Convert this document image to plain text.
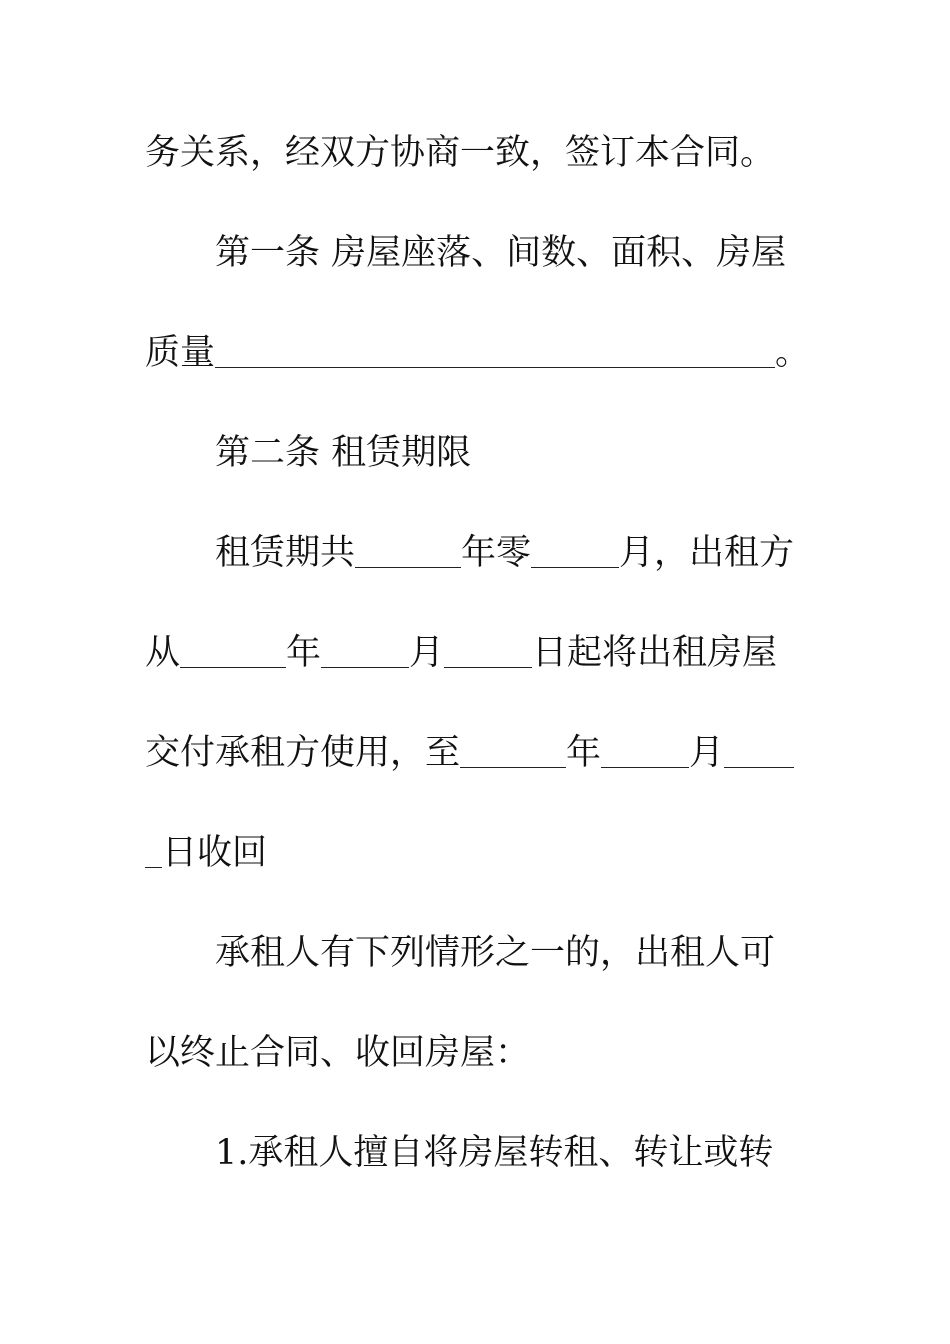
务关系，经双方协商一致，签订本合同。
第一条 房屋座落、间数、面积、房屋
质量	。
第二条 租赁期限
租赁期共	年零	月，出租方
从	年	月	日起将出租房屋
交付承租方使用，至	年	月
日收回
承租人有下列情形之一的，出租人可
以终止合同、收回房屋：
1.承租人擅自将房屋转租、转让或转
